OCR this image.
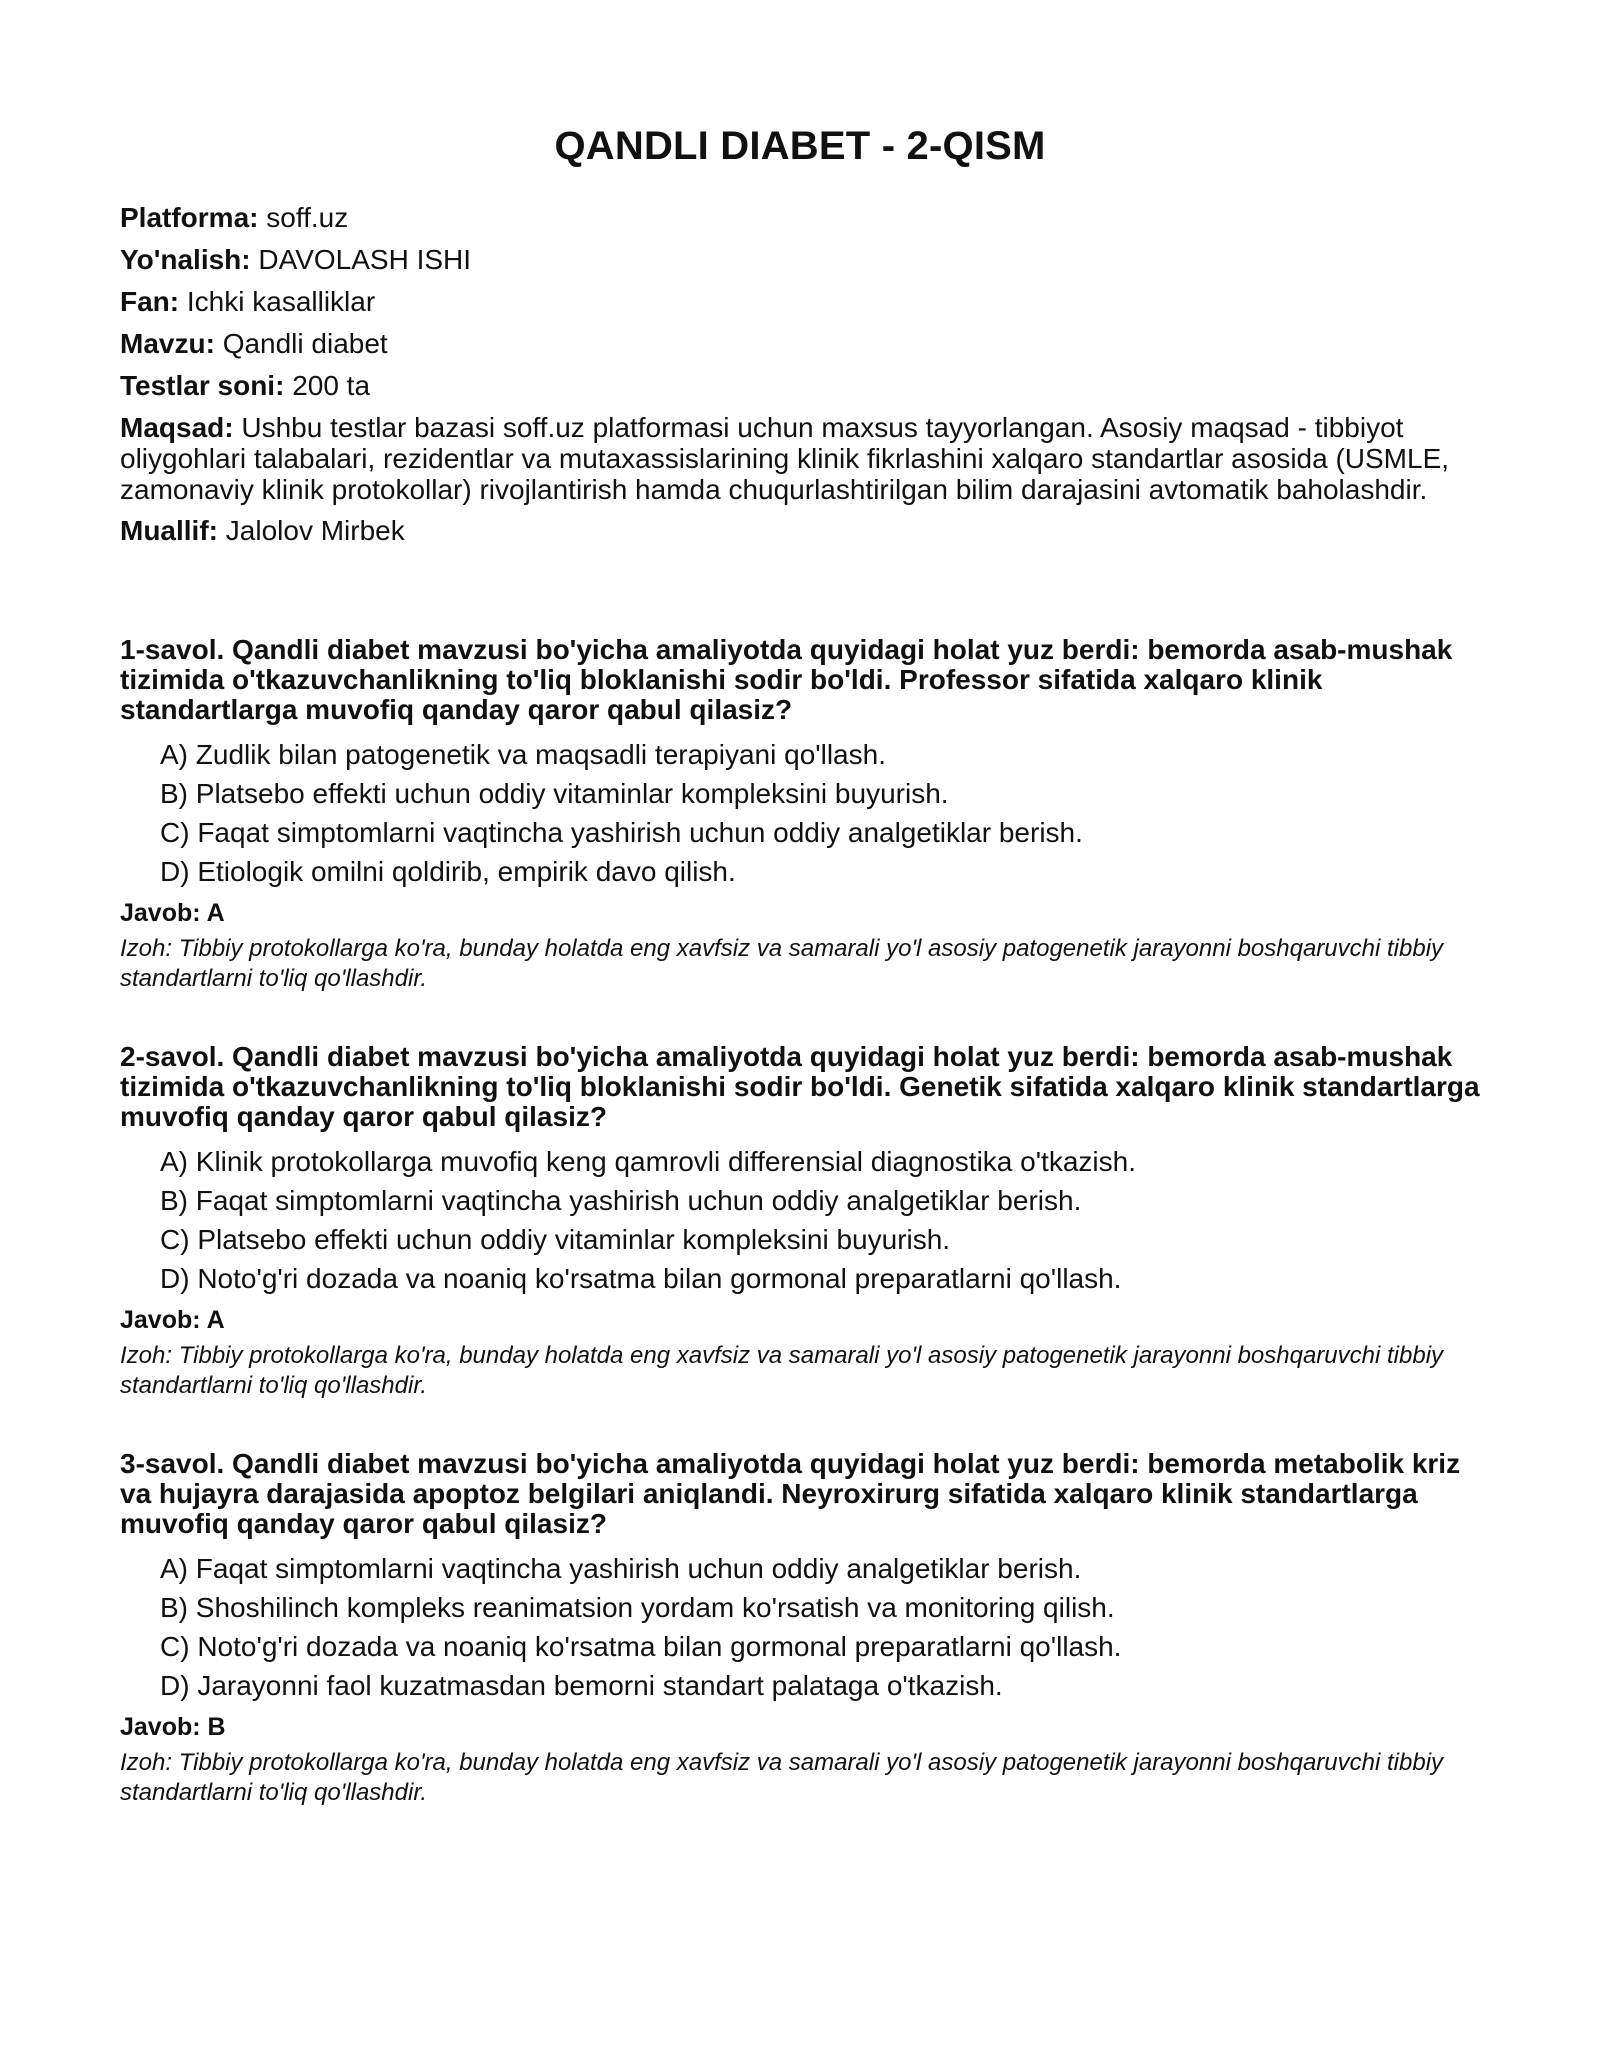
QANDLI DIABET - 2-QISM

Platforma: soff.uz

Yo'nalish: DAVOLASH ISHI

Fan: Ichki kasalliklar

Mavzu: Qandli diabet

Testlar soni: 200 ta

Maqsad: Ushbu testlar bazasi soff.uz platformasi uchun maxsus tayyorlangan. Asosiy maqsad - tibbiyot oliygohlari talabalari, rezidentlar va mutaxassislarining klinik fikrlashini xalqaro standartlar asosida (USMLE, zamonaviy klinik protokollar) rivojlantirish hamda chuqurlashtirilgan bilim darajasini avtomatik baholashdir.

Muallif: Jalolov Mirbek

1-savol. Qandli diabet mavzusi bo'yicha amaliyotda quyidagi holat yuz berdi: bemorda asab-mushak tizimida o'tkazuvchanlikning to'liq bloklanishi sodir bo'ldi. Professor sifatida xalqaro klinik standartlarga muvofiq qanday qaror qabul qilasiz?

A) Zudlik bilan patogenetik va maqsadli terapiyani qo'llash.
B) Platsebo effekti uchun oddiy vitaminlar kompleksini buyurish.
C) Faqat simptomlarni vaqtincha yashirish uchun oddiy analgetiklar berish.
D) Etiologik omilni qoldirib, empirik davo qilish.

Javob: A

Izoh: Tibbiy protokollarga ko'ra, bunday holatda eng xavfsiz va samarali yo'l asosiy patogenetik jarayonni boshqaruvchi tibbiy standartlarni to'liq qo'llashdir.

2-savol. Qandli diabet mavzusi bo'yicha amaliyotda quyidagi holat yuz berdi: bemorda asab-mushak tizimida o'tkazuvchanlikning to'liq bloklanishi sodir bo'ldi. Genetik sifatida xalqaro klinik standartlarga muvofiq qanday qaror qabul qilasiz?

A) Klinik protokollarga muvofiq keng qamrovli differensial diagnostika o'tkazish.
B) Faqat simptomlarni vaqtincha yashirish uchun oddiy analgetiklar berish.
C) Platsebo effekti uchun oddiy vitaminlar kompleksini buyurish.
D) Noto'g'ri dozada va noaniq ko'rsatma bilan gormonal preparatlarni qo'llash.

Javob: A

Izoh: Tibbiy protokollarga ko'ra, bunday holatda eng xavfsiz va samarali yo'l asosiy patogenetik jarayonni boshqaruvchi tibbiy standartlarni to'liq qo'llashdir.

3-savol. Qandli diabet mavzusi bo'yicha amaliyotda quyidagi holat yuz berdi: bemorda metabolik kriz va hujayra darajasida apoptoz belgilari aniqlandi. Neyroxirurg sifatida xalqaro klinik standartlarga muvofiq qanday qaror qabul qilasiz?

A) Faqat simptomlarni vaqtincha yashirish uchun oddiy analgetiklar berish.
B) Shoshilinch kompleks reanimatsion yordam ko'rsatish va monitoring qilish.
C) Noto'g'ri dozada va noaniq ko'rsatma bilan gormonal preparatlarni qo'llash.
D) Jarayonni faol kuzatmasdan bemorni standart palataga o'tkazish.

Javob: B

Izoh: Tibbiy protokollarga ko'ra, bunday holatda eng xavfsiz va samarali yo'l asosiy patogenetik jarayonni boshqaruvchi tibbiy standartlarni to'liq qo'llashdir.
